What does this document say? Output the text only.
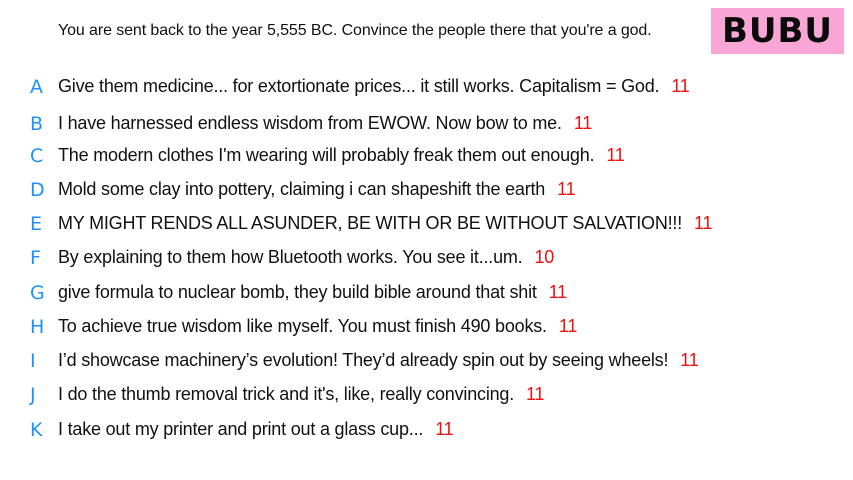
You are sent back to the year 5,555 BC. Convince the people there that you're a god.	BUBU
A Give them medicine... for extortionate prices... it still works. Capitalism = God. 11
B I have harnessed endless wisdom from EWOW. Now bow to me. 11
C The modern clothes I'm wearing will probably freak them out enough. 11
D Mold some clay into pottery, claiming i can shapeshift the earth 11
E MY MIGHT RENDS ALL ASUNDER, BE WITH OR BE WITHOUT SALVATION!!! 11
F By explaining to them how Bluetooth works. You see it...um. 10
G give formula to nuclear bomb, they build bible around that shit 11
H To achieve true wisdom like myself. You must finish 490 books. 11
I I’d showcase machinery’s evolution! They’d already spin out by seeing wheels! 11
J I do the thumb removal trick and it's, like, really convincing. 11
K I take out my printer and print out a glass cup... 11
